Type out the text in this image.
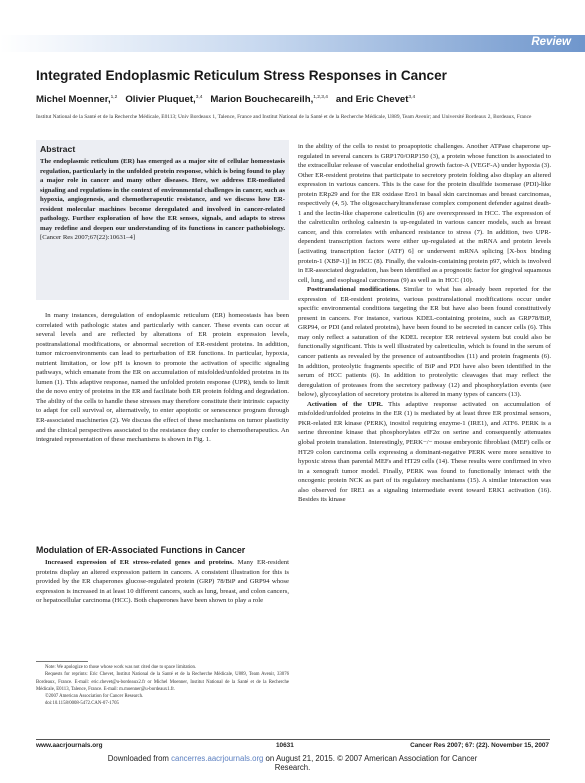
Review
Integrated Endoplasmic Reticulum Stress Responses in Cancer
Michel Moenner,$^{1,2}$ Olivier Pluquet,$^{3,4}$ Marion Bouchecareilh,$^{1,2,3,4}$ and Eric Chevet$^{3,4}$
Institut National de la Santé et de la Recherche Médicale, E0113; Univ Bordeaux 1, Talence, France and Institut National de la Santé et de la Recherche Médicale, U889, Team Avenir; and Université Bordeaux 2, Bordeaux, France
Abstract
The endoplasmic reticulum (ER) has emerged as a major site of cellular homeostasis regulation, particularly in the unfolded protein response, which is being found to play a major role in cancer and many other diseases. Here, we address ER-mediated signaling and regulations in the context of environmental challenges in cancer, such as hypoxia, angiogenesis, and chemotherapeutic resistance, and we discuss how ER-resident molecular machines become deregulated and involved in cancer-related pathology. Further exploration of how the ER senses, signals, and adapts to stress may redefine and deepen our understanding of its functions in cancer pathobiology. [Cancer Res 2007;67(22):10631–4]

In many instances, deregulation of endoplasmic reticulum (ER) homeostasis has been correlated with pathologic states and particularly with cancer. These events can occur at several levels and are reflected by alterations of ER protein expression levels, posttranslational modifications, or abnormal secretion of ER-resident proteins. In addition, tumor microenvironments can lead to perturbation of ER functions. In particular, hypoxia, nutrient limitation, or low pH is known to promote the activation of specific signaling pathways, which emanate from the ER on accumulation of misfolded/unfolded proteins in its lumen (1). This adaptive response, named the unfolded protein response (UPR), tends to limit the de novo entry of proteins in the ER and facilitate both ER protein folding and degradation. The ability of the cells to handle these stresses may therefore constitute their intrinsic capacity to adapt for cell survival or, alternatively, to enter apoptotic or senescence program through ER-associated machineries (2). We discuss the effect of these mechanisms on tumor plasticity and the clinical perspectives associated to the resistance they confer to chemotherapeutics. An integrated representation of these mechanisms is shown in Fig. 1.

Modulation of ER-Associated Functions in Cancer

Increased expression of ER stress-related genes and proteins. Many ER-resident proteins display an altered expression pattern in cancers. A consistent illustration for this is provided by the ER chaperones glucose-regulated protein (GRP) 78/BiP and GRP94 whose expression is increased in at least 10 different cancers, such as lung, breast, and colon cancers, or hepatocellular carcinoma (HCC). Both chaperones have been shown to play a role

Note: We apologize to those whose work was not cited due to space limitation.

Requests for reprints: Eric Chevet, Institut National de la Santé et de la Recherche Médicale, U889, Team Avenir, 33076 Bordeaux, France. E-mail: eric.chevet@u-bordeaux2.fr or Michel Moenner, Institut National de la Santé et de la Recherche Médicale, E0113, Talence, France. E-mail: m.moenner@u-bordeaux1.fr.

©2007 American Association for Cancer Research.

doi:10.1158/0008-5472.CAN-07-1705

in the ability of the cells to resist to proapoptotic challenges. Another ATPase chaperone up-regulated in several cancers is GRP170/ORP150 (3), a protein whose function is associated to the extracellular release of vascular endothelial growth factor-A (VEGF-A) under hypoxia (3). Other ER-resident proteins that participate to secretory protein folding also display an altered expression in various cancers. This is the case for the protein disulfide isomerase (PDI)-like protein ERp29 and for the ER oxidase Ero1 in basal skin carcinomas and breast carcinomas, respectively (4, 5). The oligosaccharyltransferase complex component defender against death-1 and the lectin-like chaperone calreticulin (6) are overexpressed in HCC. The expression of the calreticulin ortholog calnexin is up-regulated in various cancer models, such as breast cancer, and this correlates with enhanced resistance to stress (7). In addition, two UPR-dependent transcription factors were either up-regulated at the mRNA and protein levels [activating transcription factor (ATF) 6] or underwent mRNA splicing [X-box binding protein-1 (XBP-1)] in HCC (8). Finally, the valosin-containing protein p97, which is involved in ER-associated degradation, has been identified as a prognostic factor for gingival squamous cell, lung, and esophageal carcinomas (9) as well as in HCC (10).

Posttranslational modifications. Similar to what has already been reported for the expression of ER-resident proteins, various posttranslational modifications occur under specific environmental conditions targeting the ER but have also been found constitutively present in cancers. For instance, various KDEL-containing proteins, such as GRP78/BiP, GRP94, or PDI (and related proteins), have been found to be secreted in cancer cells (6). This may only reflect a saturation of the KDEL receptor ER retrieval system but could also be functionally significant. This is well illustrated by calreticulin, which is found in the serum of cancer patients as revealed by the presence of autoantibodies (11) and protein fragments (6). In addition, proteolytic fragments specific of BiP and PDI have also been identified in the serum of HCC patients (6). In addition to proteolytic cleavages that may reflect the deregulation of proteases from the secretory pathway (12) and phosphorylation events (see below), glycosylation of secretory proteins is altered in many types of cancers (13).

Activation of the UPR. This adaptive response activated on accumulation of misfolded/unfolded proteins in the ER (1) is mediated by at least three ER proximal sensors, PKR-related ER kinase (PERK), inositol requiring enzyme-1 (IRE1), and ATF6. PERK is a serine threonine kinase that phosphorylates eIF2α on serine and consequently attenuates global protein translation. Interestingly, PERK−/− mouse embryonic fibroblast (MEF) cells or HT29 colon carcinoma cells expressing a dominant-negative PERK were more sensitive to hypoxic stress than parental MEFs and HT29 cells (14). These results were confirmed in vivo in a xenograft tumor model. Finally, PERK was found to functionally interact with the oncogenic protein NCK as part of its regulatory mechanisms (15). A similar interaction was also observed for IRE1 as a signaling intermediate event toward ERK1 activation (16). Besides its kinase

www.aacrjournals.org	10631	Cancer Res 2007; 67: (22). November 15, 2007
Downloaded from cancerres.aacrjournals.org on August 21, 2015. © 2007 American Association for Cancer
Research.
